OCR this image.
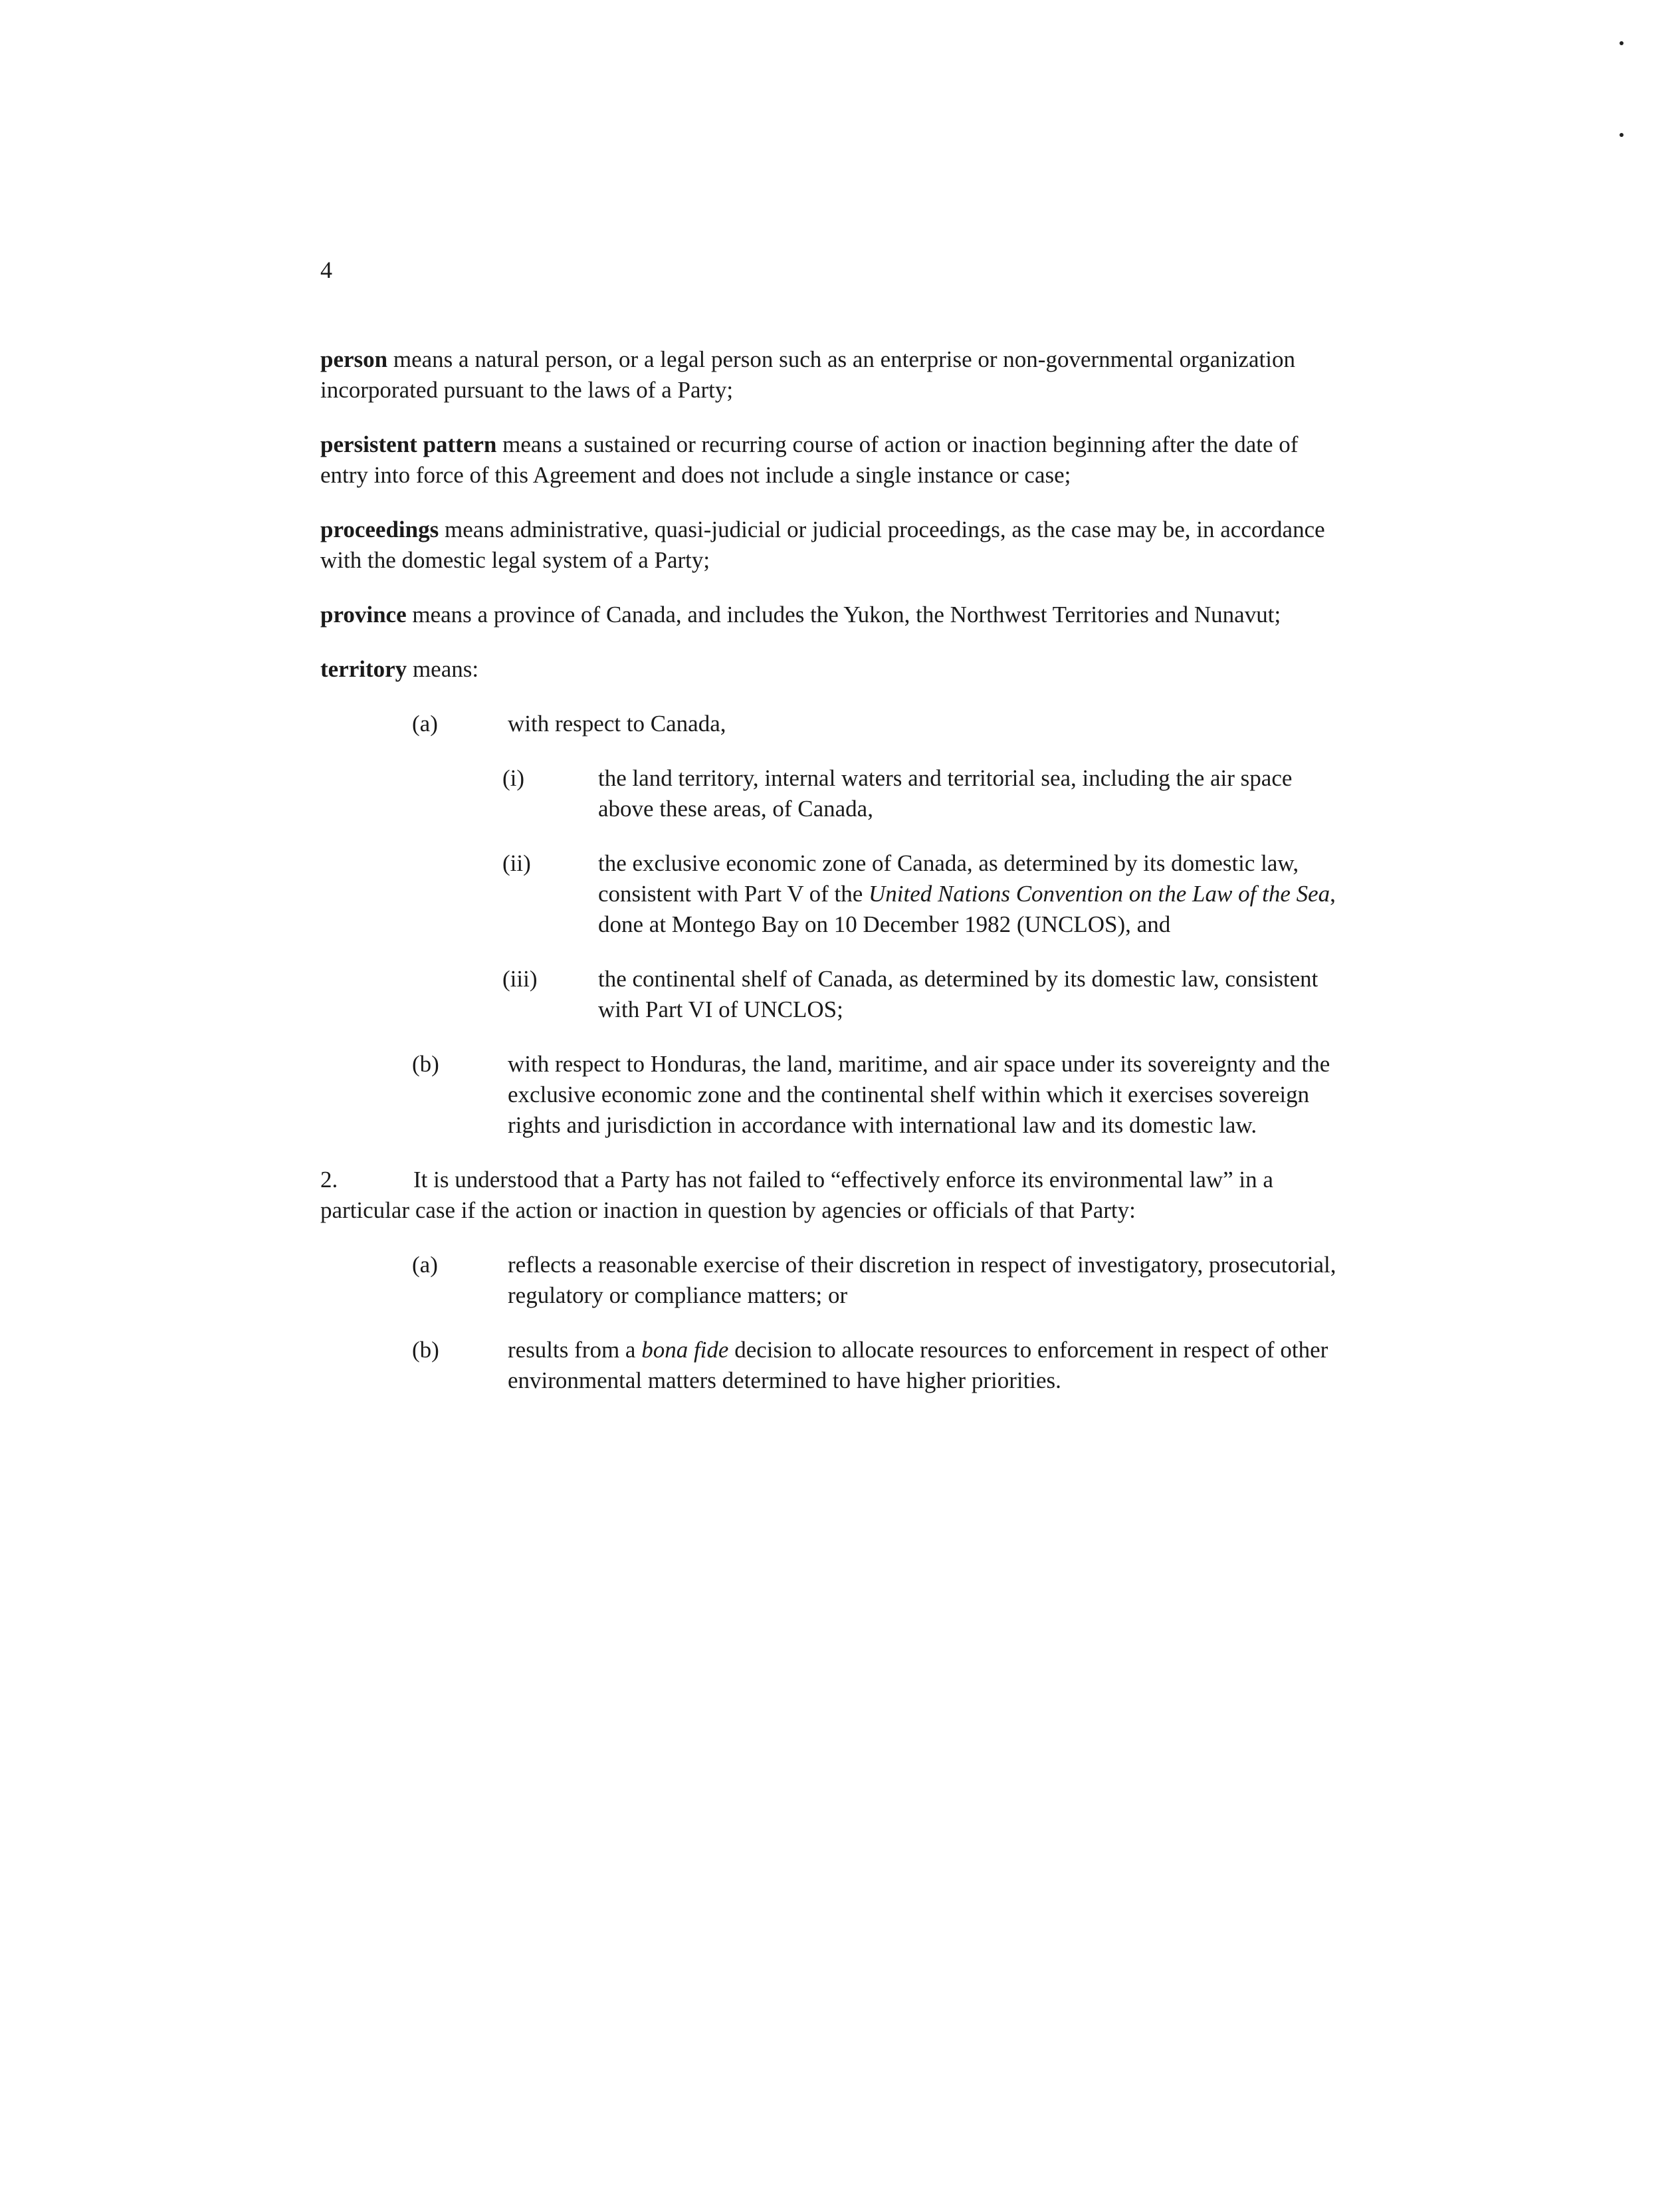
4

person means a natural person, or a legal person such as an enterprise or non-governmental organization incorporated pursuant to the laws of a Party;

persistent pattern means a sustained or recurring course of action or inaction beginning after the date of entry into force of this Agreement and does not include a single instance or case;

proceedings means administrative, quasi-judicial or judicial proceedings, as the case may be, in accordance with the domestic legal system of a Party;

province means a province of Canada, and includes the Yukon, the Northwest Territories and Nunavut;

territory means:

(a)	with respect to Canada,
(i)	the land territory, internal waters and territorial sea, including the air space above these areas, of Canada,
(ii)	the exclusive economic zone of Canada, as determined by its domestic law, consistent with Part V of the United Nations Convention on the Law of the Sea, done at Montego Bay on 10 December 1982 (UNCLOS), and
(iii)	the continental shelf of Canada, as determined by its domestic law, consistent with Part VI of UNCLOS;
(b)	with respect to Honduras, the land, maritime, and air space under its sovereignty and the exclusive economic zone and the continental shelf within which it exercises sovereign rights and jurisdiction in accordance with international law and its domestic law.

2.	It is understood that a Party has not failed to “effectively enforce its environmental law” in a particular case if the action or inaction in question by agencies or officials of that Party:

(a)	reflects a reasonable exercise of their discretion in respect of investigatory, prosecutorial, regulatory or compliance matters; or
(b)	results from a bona fide decision to allocate resources to enforcement in respect of other environmental matters determined to have higher priorities.
